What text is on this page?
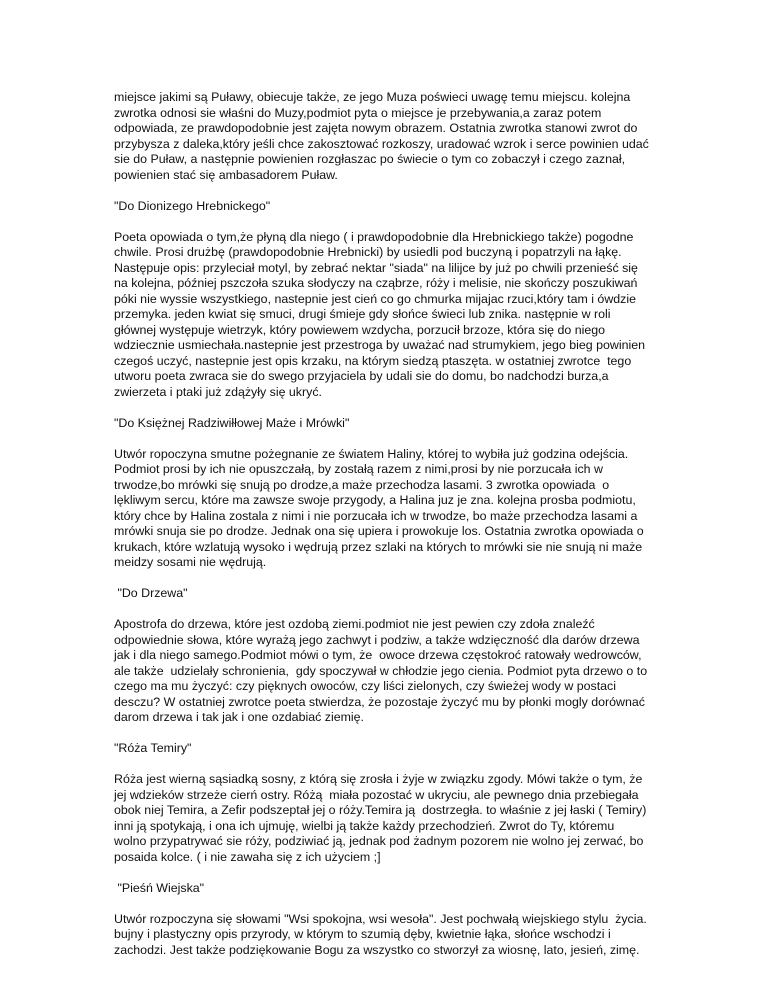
miejsce jakimi są Puławy, obiecuje także, ze jego Muza poświeci uwagę temu miejscu. kolejna zwrotka odnosi sie właśni do Muzy,podmiot pyta o miejsce je przebywania,a zaraz potem odpowiada, ze prawdopodobnie jest zajęta nowym obrazem. Ostatnia zwrotka stanowi zwrot do przybysza z daleka,który jeśli chce zakosztować rozkoszy, uradować wzrok i serce powinien udać sie do Puław, a następnie powienien rozgłaszac po świecie o tym co zobaczył i czego zaznał, powienien stać się ambasadorem Puław.

"Do Dionizego Hrebnickego"

Poeta opowiada o tym,że płyną dla niego ( i prawdopodobnie dla Hrebnickiego także) pogodne chwile. Prosi drużbę (prawdopodobnie Hrebnicki) by usiedli pod buczyną i popatrzyli na łąkę. Następuje opis: przyleciał motyl, by zebrać nektar "siada" na lilijce by już po chwili przenieść się na kolejna, później pszczoła szuka słodyczy na cząbrze, róży i melisie, nie skończy poszukiwań póki nie wyssie wszystkiego, nastepnie jest cień co go chmurka mijajac rzuci,który tam i ówdzie przemyka. jeden kwiat się smuci, drugi śmieje gdy słońce świeci lub znika. następnie w roli głównej występuje wietrzyk, który powiewem wzdycha, porzucił brzoze, która się do niego wdziecznie usmiechała.nastepnie jest przestroga by uważać nad strumykiem, jego bieg powinien czegoś uczyć, nastepnie jest opis krzaku, na którym siedzą ptaszęta. w ostatniej zwrotce  tego utworu poeta zwraca sie do swego przyjaciela by udali sie do domu, bo nadchodzi burza,a zwierzeta i ptaki już zdążyły się ukryć.

"Do Księżnej Radziwiłłowej Maże i Mrówki"

Utwór ropoczyna smutne pożegnanie ze światem Haliny, której to wybiła już godzina odejścia. Podmiot prosi by ich nie opuszczałą, by zostałą razem z nimi,prosi by nie porzucała ich w trwodze,bo mrówki się snują po drodze,a maże przechodza lasami. 3 zwrotka opowiada  o lękliwym sercu, które ma zawsze swoje przygody, a Halina juz je zna. kolejna prosba podmiotu, który chce by Halina zostala z nimi i nie porzucała ich w trwodze, bo maże przechodza lasami a mrówki snuja sie po drodze. Jednak ona się upiera i prowokuje los. Ostatnia zwrotka opowiada o krukach, które wzlatują wysoko i wędrują przez szlaki na których to mrówki sie nie snują ni maże meidzy sosami nie wędrują.

"Do Drzewa"

Apostrofa do drzewa, które jest ozdobą ziemi.podmiot nie jest pewien czy zdoła znaleźć odpowiednie słowa, które wyrażą jego zachwyt i podziw, a także wdzięczność dla darów drzewa jak i dla niego samego.Podmiot mówi o tym, że  owoce drzewa częstokroć ratowały wedrowców, ale także  udzielały schronienia,  gdy spoczywał w chłodzie jego cienia. Podmiot pyta drzewo o to czego ma mu życzyć: czy pięknych owoców, czy liści zielonych, czy świeżej wody w postaci desczu? W ostatniej zwrotce poeta stwierdza, że pozostaje życzyć mu by płonki mogly dorównać darom drzewa i tak jak i one ozdabiać ziemię.

"Róża Temiry"

Róża jest wierną sąsiadką sosny, z którą się zrosła i żyje w związku zgody. Mówi także o tym, że jej wdzieków strzeże cierń ostry. Różą  miała pozostać w ukryciu, ale pewnego dnia przebiegała obok niej Temira, a Zefir podszeptał jej o róży.Temira ją  dostrzegła. to właśnie z jej łaski ( Temiry) inni ją spotykają, i ona ich ujmuję, wielbi ją także każdy przechodzień. Zwrot do Ty, któremu wolno przypatrywać sie róży, podziwiać ją, jednak pod żadnym pozorem nie wolno jej zerwać, bo posaida kolce. ( i nie zawaha się z ich użyciem ;]

"Pieśń Wiejska"

Utwór rozpoczyna się słowami "Wsi spokojna, wsi wesoła". Jest pochwałą wiejskiego stylu  życia. bujny i plastyczny opis przyrody, w którym to szumią dęby, kwietnie łąka, słońce wschodzi i zachodzi. Jest także podziękowanie Bogu za wszystko co stworzył za wiosnę, lato, jesień, zimę.
